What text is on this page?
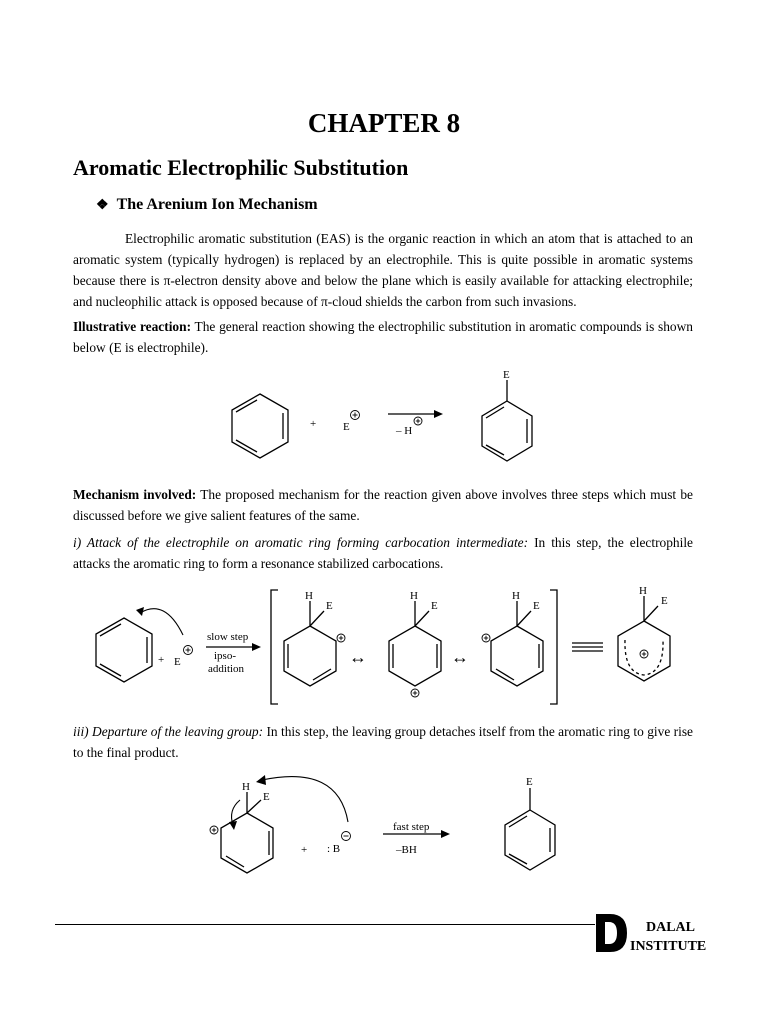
CHAPTER 8
Aromatic Electrophilic Substitution
❖ The Arenium Ion Mechanism

Electrophilic aromatic substitution (EAS) is the organic reaction in which an atom that is attached to an aromatic system (typically hydrogen) is replaced by an electrophile. This is quite possible in aromatic systems because there is π-electron density above and below the plane which is easily available for attacking electrophile; and nucleophilic attack is opposed because of π-cloud shields the carbon from such invasions.

Illustrative reaction: The general reaction showing the electrophilic substitution in aromatic compounds is shown below (E is electrophile).

+ E	– H
E

Mechanism involved: The proposed mechanism for the reaction given above involves three steps which must be discussed before we give salient features of the same.

i) Attack of the electrophile on aromatic ring forming carbocation intermediate: In this step, the electrophile attacks the aromatic ring to form a resonance stabilized carbocations.

+ E
slow step
ipso-
addition
H
E
↔
H
E
↔
H
E
H
E

iii) Departure of the leaving group: In this step, the leaving group detaches itself from the aromatic ring to give rise to the final product.

H
E
+ : B
fast step
–BH
E
DALAL
INSTITUTE
